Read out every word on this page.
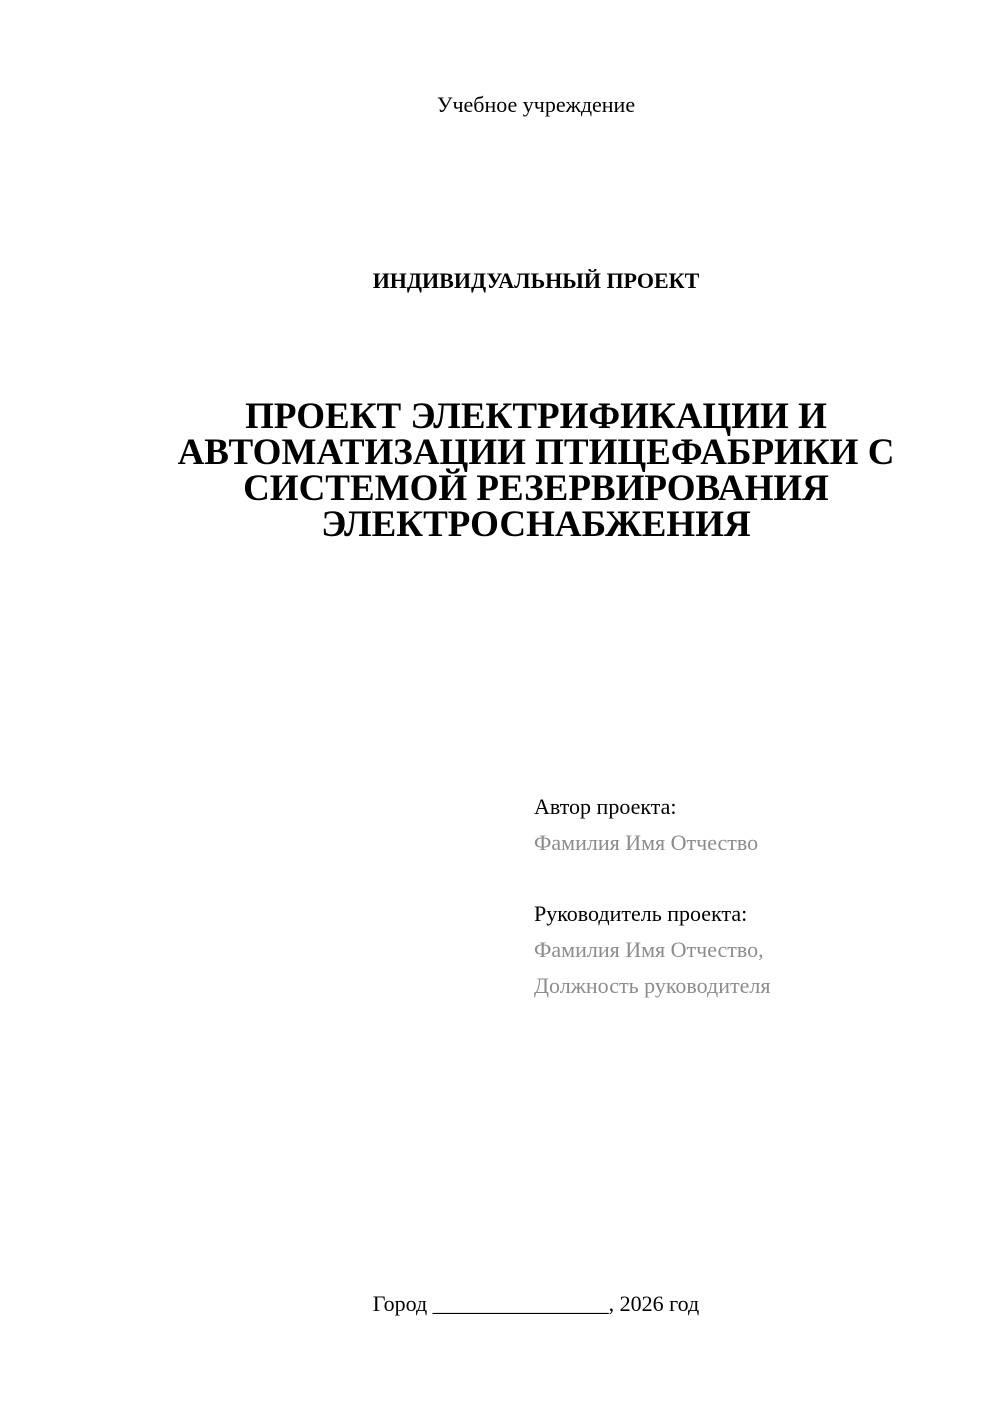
Учебное учреждение
ИНДИВИДУАЛЬНЫЙ ПРОЕКТ
ПРОЕКТ ЭЛЕКТРИФИКАЦИИ И
АВТОМАТИЗАЦИИ ПТИЦЕФАБРИКИ С
СИСТЕМОЙ РЕЗЕРВИРОВАНИЯ
ЭЛЕКТРОСНАБЖЕНИЯ
Автор проекта:
Фамилия Имя Отчество
Руководитель проекта:
Фамилия Имя Отчество,
Должность руководителя
Город ________________, 2026 год
